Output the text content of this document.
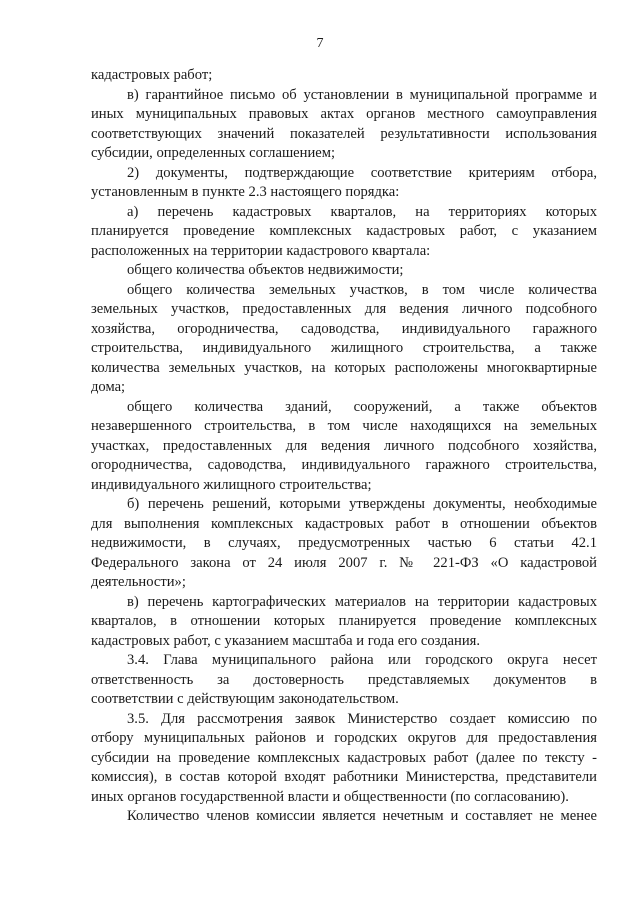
7
кадастровых работ;
в) гарантийное письмо об установлении в муниципальной программе и
иных муниципальных правовых актах органов местного самоуправления
соответствующих значений показателей результативности использования
субсидии, определенных соглашением;
2) документы, подтверждающие соответствие критериям отбора,
установленным в пункте 2.3 настоящего порядка:
а) перечень кадастровых кварталов, на территориях которых
планируется проведение комплексных кадастровых работ, с указанием
расположенных на территории кадастрового квартала:
общего количества объектов недвижимости;
общего количества земельных участков, в том числе количества
земельных участков, предоставленных для ведения личного подсобного
хозяйства, огородничества, садоводства, индивидуального гаражного
строительства, индивидуального жилищного строительства, а также
количества земельных участков, на которых расположены многоквартирные
дома;
общего количества зданий, сооружений, а также объектов
незавершенного строительства, в том числе находящихся на земельных
участках, предоставленных для ведения личного подсобного хозяйства,
огородничества, садоводства, индивидуального гаражного строительства,
индивидуального жилищного строительства;
б) перечень решений, которыми утверждены документы, необходимые
для выполнения комплексных кадастровых работ в отношении объектов
недвижимости, в случаях, предусмотренных частью 6 статьи 42.1
Федерального закона от 24 июля 2007 г. № 221-ФЗ «О кадастровой
деятельности»;
в) перечень картографических материалов на территории кадастровых
кварталов, в отношении которых планируется проведение комплексных
кадастровых работ, с указанием масштаба и года его создания.
3.4. Глава муниципального района или городского округа несет
ответственность за достоверность представляемых документов в
соответствии с действующим законодательством.
3.5. Для рассмотрения заявок Министерство создает комиссию по
отбору муниципальных районов и городских округов для предоставления
субсидии на проведение комплексных кадастровых работ (далее по тексту -
комиссия), в состав которой входят работники Министерства, представители
иных органов государственной власти и общественности (по согласованию).
Количество членов комиссии является нечетным и составляет не менее
